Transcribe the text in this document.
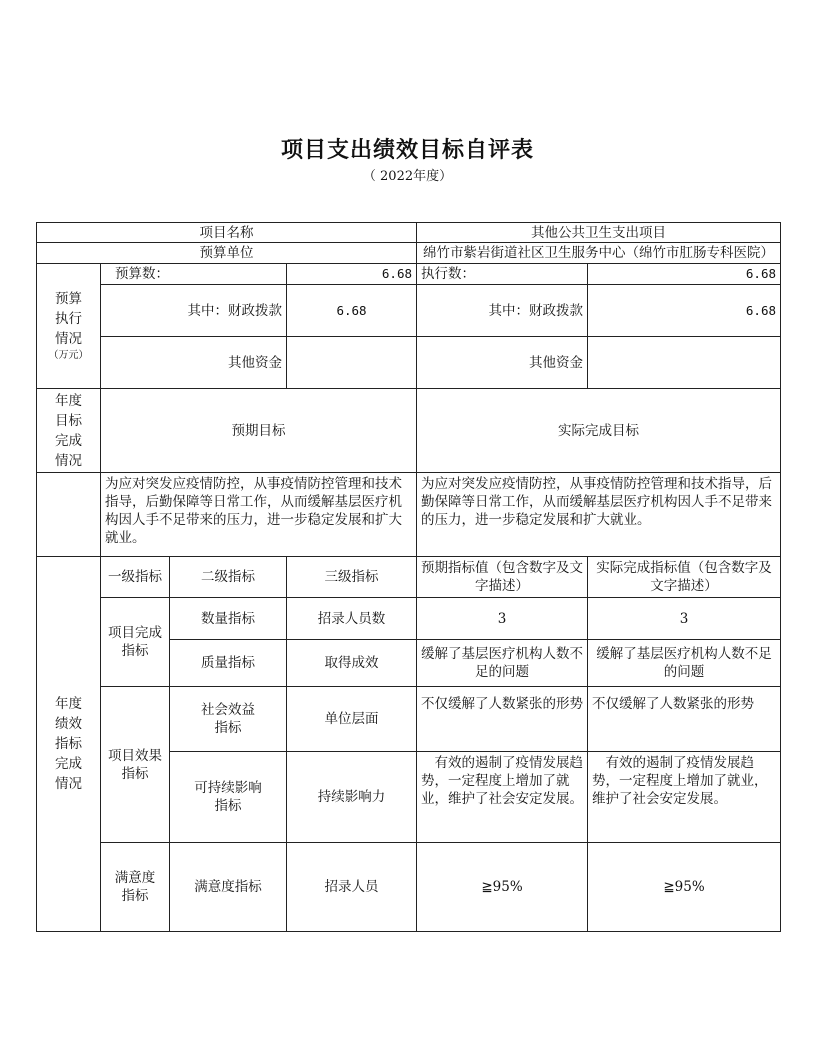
项目支出绩效目标自评表
（ 2022年度）
项目名称				其他公共卫生支出项目	
预算单位				绵竹市紫岩街道社区卫生服务中心（绵竹市肛肠专科医院）	

预算执行情况
（万元）	预算数：		6.68	执行数：	6.68
	其中：财政拨款		6.68	其中：财政拨款	6.68
	其他资金			其他资金	

年度目标完成情况	预期目标			实际完成目标	
	为应对突发应疫情防控，从事疫情防控管理和技术指导，后勤保障等日常工作，从而缓解基层医疗机构因人手不足带来的压力，进一步稳定发展和扩大就业。			为应对突发应疫情防控，从事疫情防控管理和技术指导，后勤保障等日常工作，从而缓解基层医疗机构因人手不足带来的压力，进一步稳定发展和扩大就业。	

年度绩效指标完成情况	一级指标	二级指标	三级指标	预期指标值（包含数字及文字描述）	实际完成指标值（包含数字及文字描述）

	项目完成指标	数量指标	招录人员数	3	3
		质量指标	取得成效	缓解了基层医疗机构人数不足的问题	缓解了基层医疗机构人数不足的问题

	项目效果指标	社会效益指标	单位层面	不仅缓解了人数紧张的形势	不仅缓解了人数紧张的形势

		可持续影响指标	持续影响力	有效的遏制了疫情发展趋势，一定程度上增加了就业，维护了社会安定发展。	有效的遏制了疫情发展趋势，一定程度上增加了就业，维护了社会安定发展。

	满意度指标	满意度指标	招录人员	≧95%	≧95%
